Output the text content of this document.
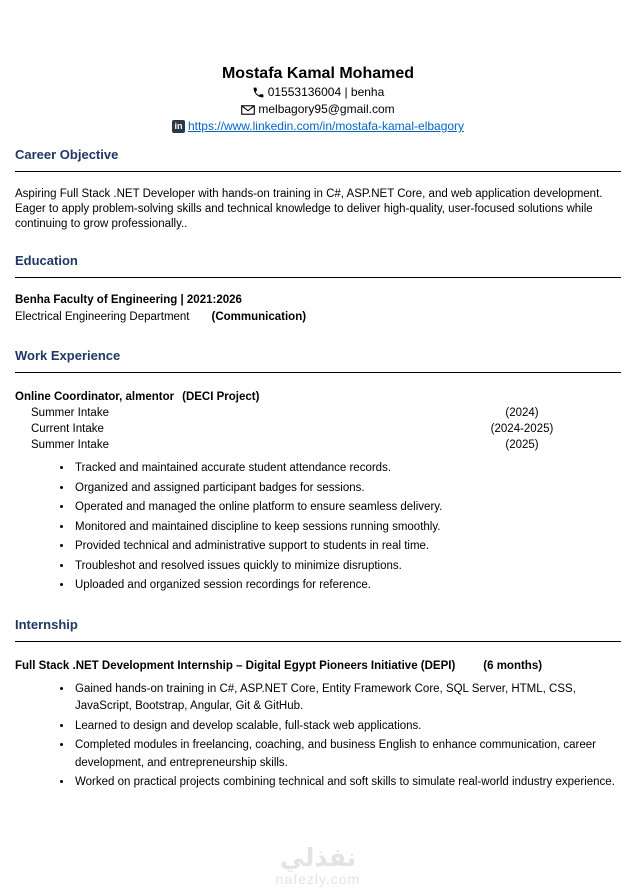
Mostafa Kamal Mohamed
01553136004 | benha
melbagory95@gmail.com
in https://www.linkedin.com/in/mostafa-kamal-elbagory
Career Objective

Aspiring Full Stack .NET Developer with hands-on training in C#, ASP.NET Core, and web application development. Eager to apply problem-solving skills and technical knowledge to deliver high-quality, user-focused solutions while continuing to grow professionally..

Education
Benha Faculty of Engineering | 2021:2026
Electrical Engineering Department (Communication)
Work Experience
Online Coordinator, almentor (DECI Project)
Summer Intake	(2024)
Current Intake	(2024-2025)
Summer Intake	(2025)
• Tracked and maintained accurate student attendance records.
• Organized and assigned participant badges for sessions.
• Operated and managed the online platform to ensure seamless delivery.
• Monitored and maintained discipline to keep sessions running smoothly.
• Provided technical and administrative support to students in real time.
• Troubleshot and resolved issues quickly to minimize disruptions.
• Uploaded and organized session recordings for reference.
Internship
Full Stack .NET Development Internship – Digital Egypt Pioneers Initiative (DEPI) (6 months)
• Gained hands-on training in C#, ASP.NET Core, Entity Framework Core, SQL Server, HTML, CSS, JavaScript, Bootstrap, Angular, Git & GitHub.
• Learned to design and develop scalable, full-stack web applications.
• Completed modules in freelancing, coaching, and business English to enhance communication, career development, and entrepreneurship skills.
• Worked on practical projects combining technical and soft skills to simulate real-world industry experience.
نفذلي
nafezly.com
